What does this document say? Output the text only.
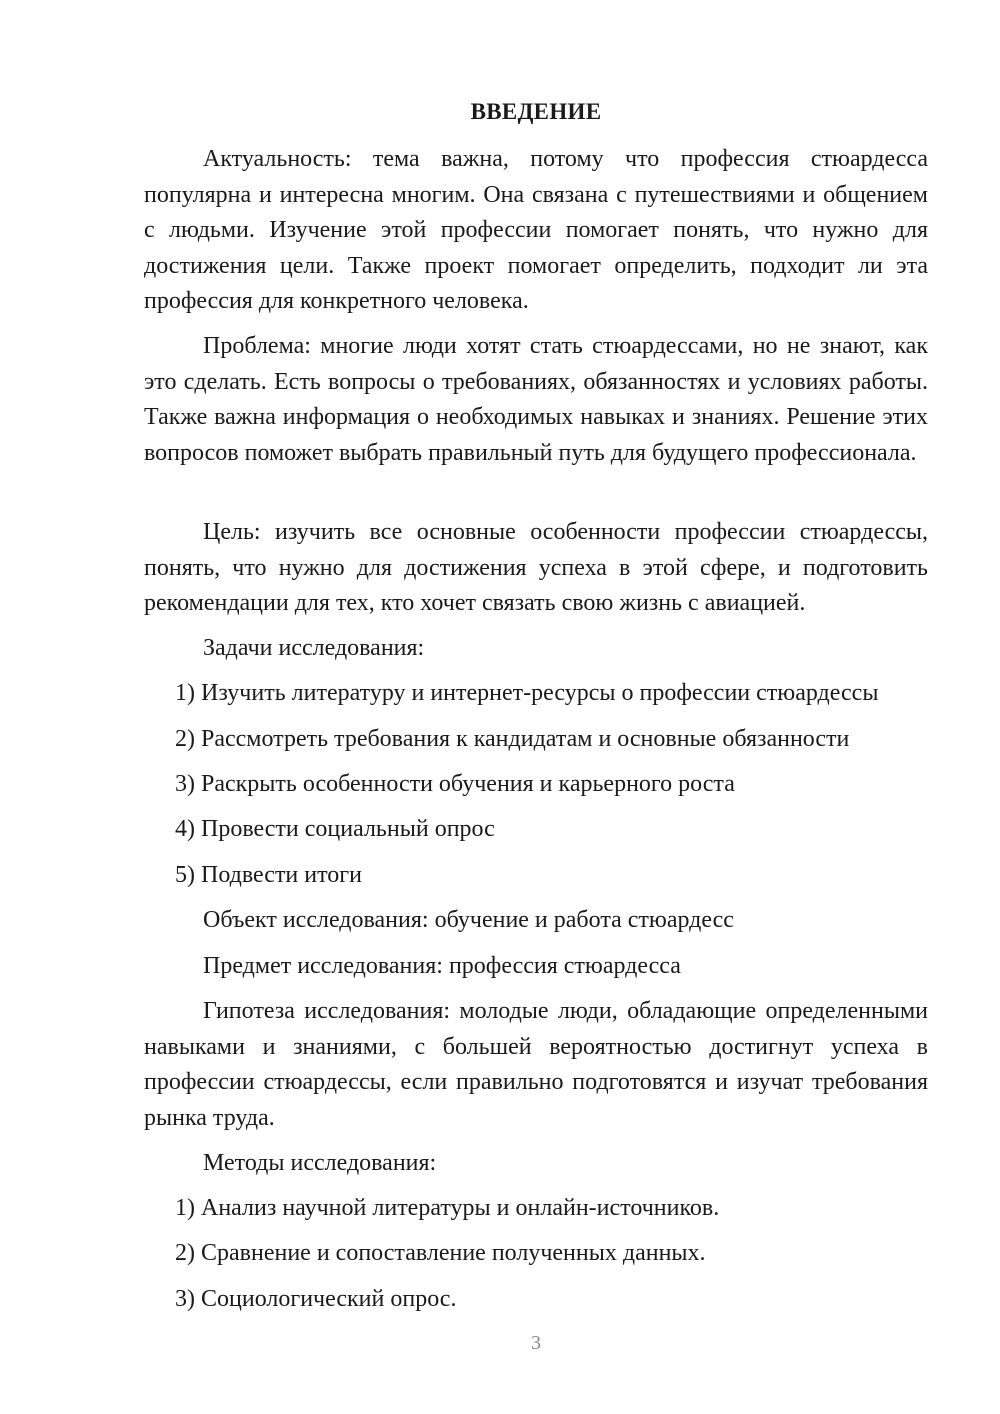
ВВЕДЕНИЕ

Актуальность: тема важна, потому что профессия стюардесса популярна и интересна многим. Она связана с путешествиями и общением с людьми. Изучение этой профессии помогает понять, что нужно для достижения цели. Также проект помогает определить, подходит ли эта профессия для конкретного человека.

Проблема: многие люди хотят стать стюардессами, но не знают, как это сделать. Есть вопросы о требованиях, обязанностях и условиях работы. Также важна информация о необходимых навыках и знаниях. Решение этих вопросов поможет выбрать правильный путь для будущего профессионала.

Цель: изучить все основные особенности профессии стюардессы, понять, что нужно для достижения успеха в этой сфере, и подготовить рекомендации для тех, кто хочет связать свою жизнь с авиацией.

Задачи исследования:

1) Изучить литературу и интернет-ресурсы о профессии стюардессы

2) Рассмотреть требования к кандидатам и основные обязанности

3) Раскрыть особенности обучения и карьерного роста

4) Провести социальный опрос

5) Подвести итоги

Объект исследования: обучение и работа стюардесс

Предмет исследования: профессия стюардесса

Гипотеза исследования: молодые люди, обладающие определенными навыками и знаниями, с большей вероятностью достигнут успеха в профессии стюардессы, если правильно подготовятся и изучат требования рынка труда.

Методы исследования:

1) Анализ научной литературы и онлайн-источников.

2) Сравнение и сопоставление полученных данных.

3) Социологический опрос.

3
